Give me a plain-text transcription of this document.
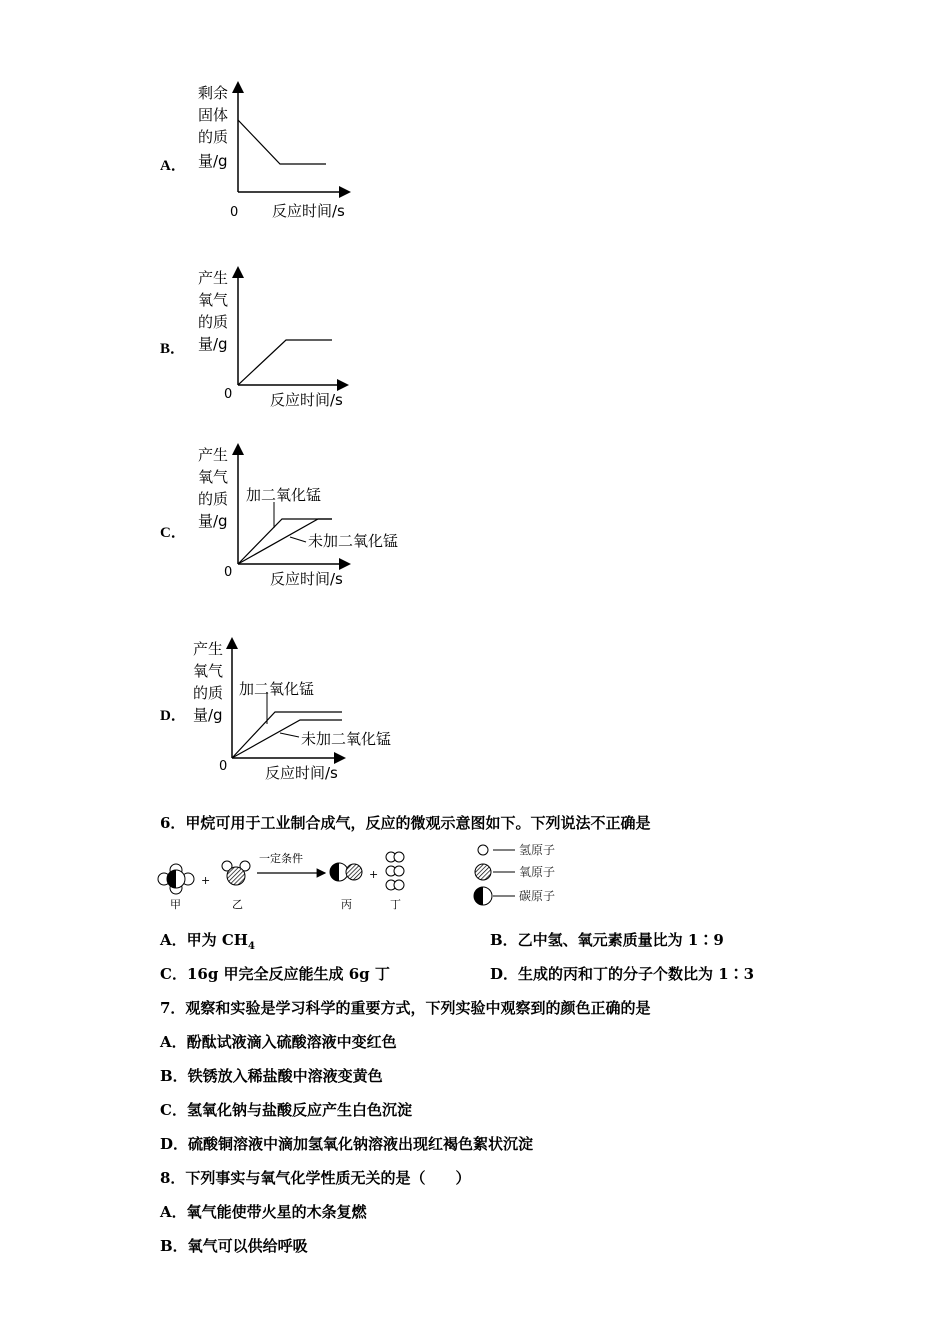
A．
剩余
固体
的质
量/g
0 反应时间/s
B．
产生
氧气
的质
量/g
0	反应时间/s
C．
产生
氧气
的质
量/g
加二氧化锰
未加二氧化锰
0	反应时间/s
D．
产生
氧气
的质
量/g
加二氧化锰
未加二氧化锰
0	反应时间/s
6．甲烷可用于工业制合成气，反应的微观示意图如下。下列说法不正确是
+
一定条件
+
甲	乙	丙	丁
氢原子
氧原子
碳原子
A．甲为 $CH_4$	B．乙中氢、氧元素质量比为 1∶9
C．16g 甲完全反应能生成 6g 丁	D．生成的丙和丁的分子个数比为 1∶3
7．观察和实验是学习科学的重要方式，下列实验中观察到的颜色正确的是
A．酚酞试液滴入硫酸溶液中变红色
B．铁锈放入稀盐酸中溶液变黄色
C．氢氧化钠与盐酸反应产生白色沉淀
D．硫酸铜溶液中滴加氢氧化钠溶液出现红褐色絮状沉淀
8．下列事实与氧气化学性质无关的是（　　）
A．氧气能使带火星的木条复燃
B．氧气可以供给呼吸
